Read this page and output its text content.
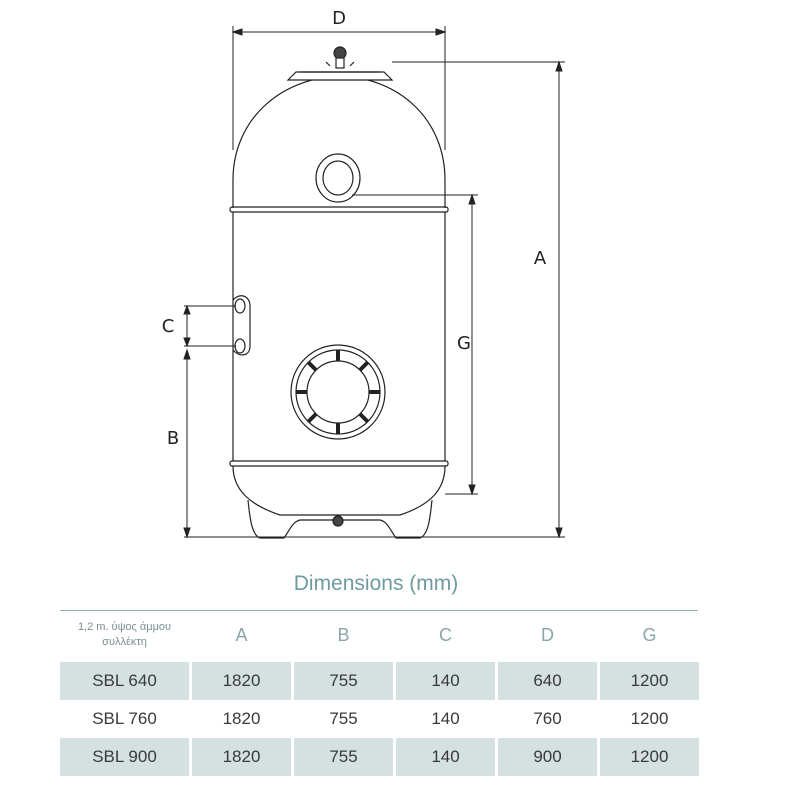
D
A
G
C
B
Dimensions (mm)
1,2 m. ύψος άμμου συλλέκτη	A	B	C	D	G
SBL 640	1820	755	140	640	1200
SBL 760	1820	755	140	760	1200
SBL 900	1820	755	140	900	1200
